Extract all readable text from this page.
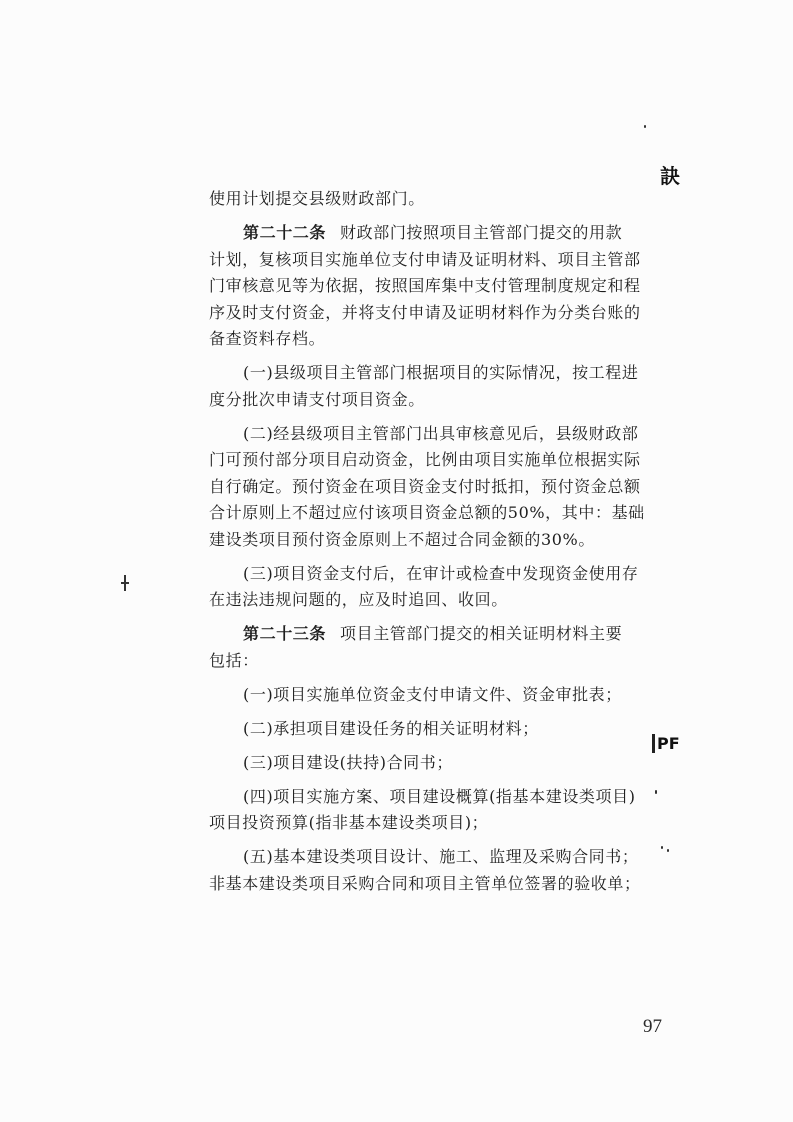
使用计划提交县级财政部门。
第二十二条 财政部门按照项目主管部门提交的用款
计划，复核项目实施单位支付申请及证明材料、项目主管部
门审核意见等为依据，按照国库集中支付管理制度规定和程
序及时支付资金，并将支付申请及证明材料作为分类台账的
备查资料存档。
(一)县级项目主管部门根据项目的实际情况，按工程进
度分批次申请支付项目资金。
(二)经县级项目主管部门出具审核意见后，县级财政部
门可预付部分项目启动资金，比例由项目实施单位根据实际
自行确定。预付资金在项目资金支付时抵扣，预付资金总额
合计原则上不超过应付该项目资金总额的50%，其中：基础
建设类项目预付资金原则上不超过合同金额的30%。
(三)项目资金支付后，在审计或检查中发现资金使用存
在违法违规问题的，应及时追回、收回。
第二十三条 项目主管部门提交的相关证明材料主要
包括：
(一)项目实施单位资金支付申请文件、资金审批表；
(二)承担项目建设任务的相关证明材料；
(三)项目建设(扶持)合同书；
(四)项目实施方案、项目建设概算(指基本建设类项目)
项目投资预算(指非基本建设类项目)；
(五)基本建设类项目设计、施工、监理及采购合同书；
非基本建设类项目采购合同和项目主管单位签署的验收单；
97
訣
PF
